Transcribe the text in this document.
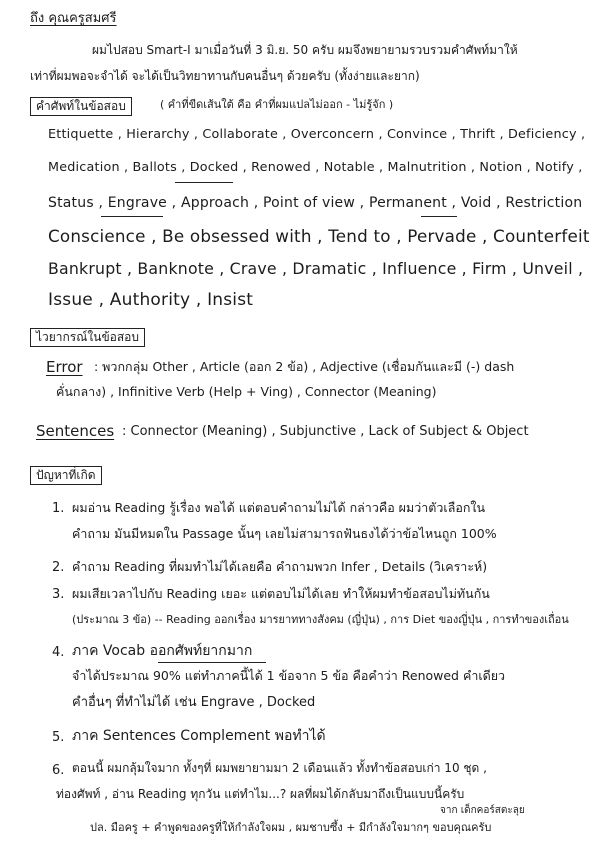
ถึง คุณครูสมศรี
ผมไปสอบ Smart-I มาเมื่อวันที่ 3 มิ.ย. 50 ครับ ผมจึงพยายามรวบรวมคำศัพท์มาให้
เท่าที่ผมพอจะจำได้ จะได้เป็นวิทยาทานกับคนอื่นๆ ด้วยครับ (ทั้งง่ายและยาก)
คำศัพท์ในข้อสอบ	( คำที่ขีดเส้นใต้ คือ คำที่ผมแปลไม่ออก - ไม่รู้จัก )
Ettiquette , Hierarchy , Collaborate , Overconcern , Convince , Thrift , Deficiency ,
Medication , Ballots , Docked , Renowed , Notable , Malnutrition , Notion , Notify ,
Status , Engrave , Approach , Point of view , Permanent , Void , Restriction
Conscience , Be obsessed with , Tend to , Pervade , Counterfeit
Bankrupt , Banknote , Crave , Dramatic , Influence , Firm , Unveil ,
Issue , Authority , Insist
ไวยากรณ์ในข้อสอบ
Error : พวกกลุ่ม Other , Article (ออก 2 ข้อ) , Adjective (เชื่อมกันและมี (-) dash
คั่นกลาง) , Infinitive Verb (Help + Ving) , Connector (Meaning)
Sentences : Connector (Meaning) , Subjunctive , Lack of Subject & Object
ปัญหาที่เกิด
1. ผมอ่าน Reading รู้เรื่อง พอได้ แต่ตอบคำถามไม่ได้ กล่าวคือ ผมว่าตัวเลือกใน
คำถาม มันมีหมดใน Passage นั้นๆ เลยไม่สามารถฟันธงได้ว่าข้อไหนถูก 100%
2. คำถาม Reading ที่ผมทำไม่ได้เลยคือ คำถามพวก Infer , Details (วิเคราะห์)
3. ผมเสียเวลาไปกับ Reading เยอะ แต่ตอบไม่ได้เลย ทำให้ผมทำข้อสอบไม่ทันกัน
(ประมาณ 3 ข้อ) -- Reading ออกเรื่อง มารยาททางสังคม (ญี่ปุ่น) , การ Diet ของญี่ปุ่น , การทำของเถื่อน
4. ภาค Vocab ออกศัพท์ยากมาก
จำได้ประมาณ 90% แต่ทำภาคนี้ได้ 1 ข้อจาก 5 ข้อ คือคำว่า Renowed คำเดียว
คำอื่นๆ ที่ทำไม่ได้ เช่น Engrave , Docked
5. ภาค Sentences Complement พอทำได้
6. ตอนนี้ ผมกลุ้มใจมาก ทั้งๆที่ ผมพยายามมา 2 เดือนแล้ว ทั้งทำข้อสอบเก่า 10 ชุด ,
ท่องศัพท์ , อ่าน Reading ทุกวัน แต่ทำไม...? ผลที่ผมได้กลับมาถึงเป็นแบบนี้ครับ
ปล. มือครู + คำพูดของครูที่ให้กำลังใจผม , ผมชาบซึ้ง + มีกำลังใจมากๆ ขอบคุณครับ
จาก เด็กคอร์สตะลุย
